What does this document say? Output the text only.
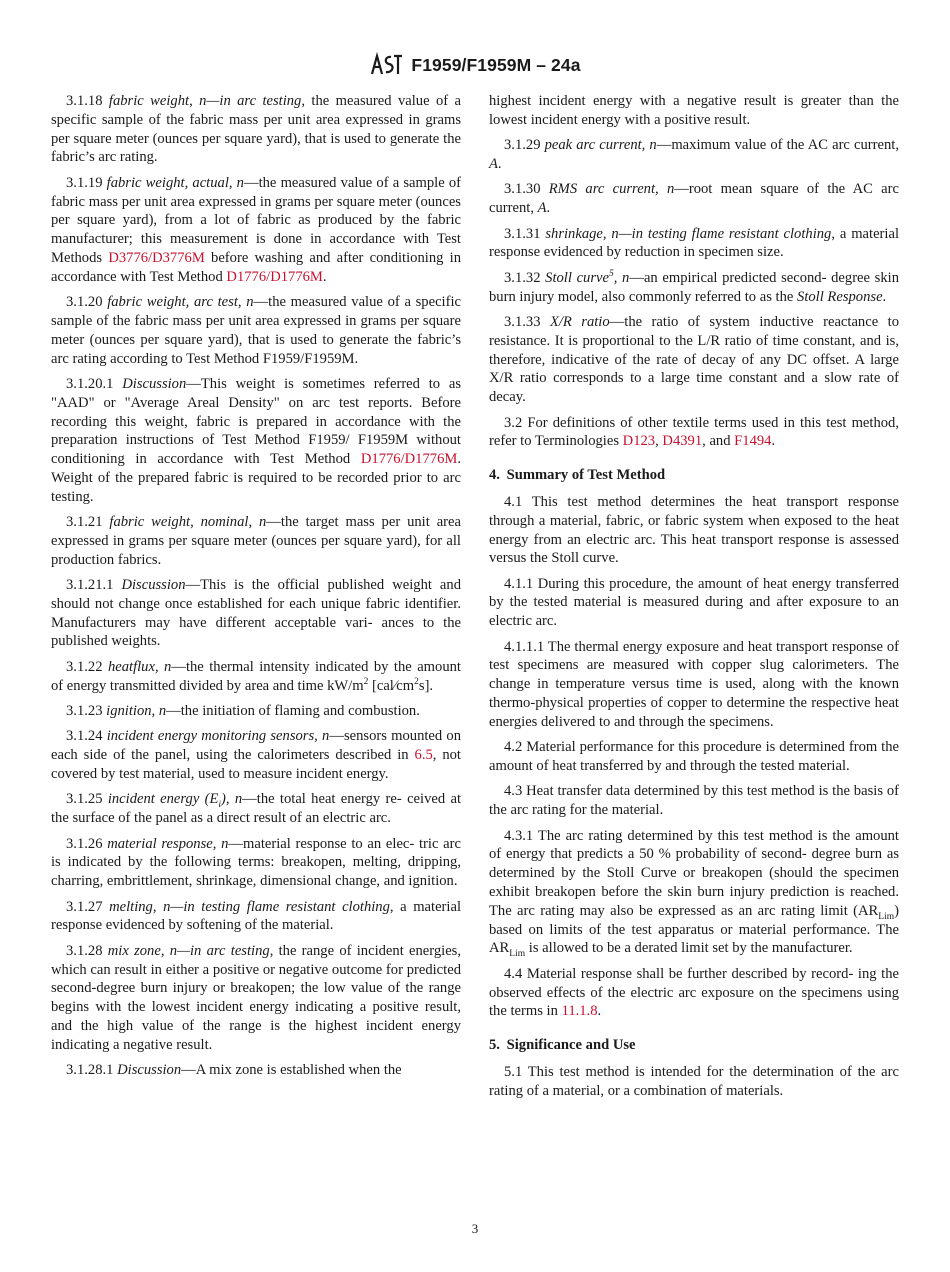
F1959/F1959M – 24a

3.1.18 fabric weight, n—in arc testing, the measured value of a specific sample of the fabric mass per unit area expressed in grams per square meter (ounces per square yard), that is used to generate the fabric’s arc rating.

3.1.19 fabric weight, actual, n—the measured value of a sample of fabric mass per unit area expressed in grams per square meter (ounces per square yard), from a lot of fabric as produced by the fabric manufacturer; this measurement is done in accordance with Test Methods D3776/D3776M before washing and after conditioning in accordance with Test Method D1776/D1776M.

3.1.20 fabric weight, arc test, n—the measured value of a specific sample of the fabric mass per unit area expressed in grams per square meter (ounces per square yard), that is used to generate the fabric’s arc rating according to Test Method F1959/F1959M.

3.1.20.1 Discussion—This weight is sometimes referred to as "AAD" or "Average Areal Density" on arc test reports. Before recording this weight, fabric is prepared in accordance with the preparation instructions of Test Method F1959/ F1959M without conditioning in accordance with Test Method D1776/D1776M. Weight of the prepared fabric is required to be recorded prior to arc testing.

3.1.21 fabric weight, nominal, n—the target mass per unit area expressed in grams per square meter (ounces per square yard), for all production fabrics.

3.1.21.1 Discussion—This is the official published weight and should not change once established for each unique fabric identifier. Manufacturers may have different acceptable vari- ances to the published weights.

3.1.22 heatflux, n—the thermal intensity indicated by the amount of energy transmitted divided by area and time $kW/m^2$ $[cal⁄cm^2s]$.

3.1.23 ignition, n—the initiation of flaming and combustion.

3.1.24 incident energy monitoring sensors, n—sensors mounted on each side of the panel, using the calorimeters described in 6.5, not covered by test material, used to measure incident energy.

3.1.25 incident energy $(E_i)$, n—the total heat energy re- ceived at the surface of the panel as a direct result of an electric arc.

3.1.26 material response, n—material response to an elec- tric arc is indicated by the following terms: breakopen, melting, dripping, charring, embrittlement, shrinkage, dimensional change, and ignition.

3.1.27 melting, n—in testing flame resistant clothing, a material response evidenced by softening of the material.

3.1.28 mix zone, n—in arc testing, the range of incident energies, which can result in either a positive or negative outcome for predicted second-degree burn injury or breakopen; the low value of the range begins with the lowest incident energy indicating a positive result, and the high value of the range is the highest incident energy indicating a negative result.

3.1.28.1 Discussion—A mix zone is established when the

highest incident energy with a negative result is greater than the lowest incident energy with a positive result.

3.1.29 peak arc current, n—maximum value of the AC arc current, A.

3.1.30 RMS arc current, n—root mean square of the AC arc current, A.

3.1.31 shrinkage, n—in testing flame resistant clothing, a material response evidenced by reduction in specimen size.

3.1.32 Stoll curve$^5$, n—an empirical predicted second- degree skin burn injury model, also commonly referred to as the Stoll Response.

3.1.33 X/R ratio—the ratio of system inductive reactance to resistance. It is proportional to the L/R ratio of time constant, and is, therefore, indicative of the rate of decay of any DC offset. A large X/R ratio corresponds to a large time constant and a slow rate of decay.

3.2 For definitions of other textile terms used in this test method, refer to Terminologies D123, D4391, and F1494.

4. Summary of Test Method

4.1 This test method determines the heat transport response through a material, fabric, or fabric system when exposed to the heat energy from an electric arc. This heat transport response is assessed versus the Stoll curve.

4.1.1 During this procedure, the amount of heat energy transferred by the tested material is measured during and after exposure to an electric arc.

4.1.1.1 The thermal energy exposure and heat transport response of test specimens are measured with copper slug calorimeters. The change in temperature versus time is used, along with the known thermo-physical properties of copper to determine the respective heat energies delivered to and through the specimens.

4.2 Material performance for this procedure is determined from the amount of heat transferred by and through the tested material.

4.3 Heat transfer data determined by this test method is the basis of the arc rating for the material.

4.3.1 The arc rating determined by this test method is the amount of energy that predicts a 50 % probability of second- degree burn as determined by the Stoll Curve or breakopen (should the specimen exhibit breakopen before the skin burn injury prediction is reached. The arc rating may also be expressed as an arc rating limit $(AR_{Lim})$ based on limits of the test apparatus or material performance. The $AR_{Lim}$ is allowed to be a derated limit set by the manufacturer.

4.4 Material response shall be further described by record- ing the observed effects of the electric arc exposure on the specimens using the terms in 11.1.8.

5. Significance and Use

5.1 This test method is intended for the determination of the arc rating of a material, or a combination of materials.

3
